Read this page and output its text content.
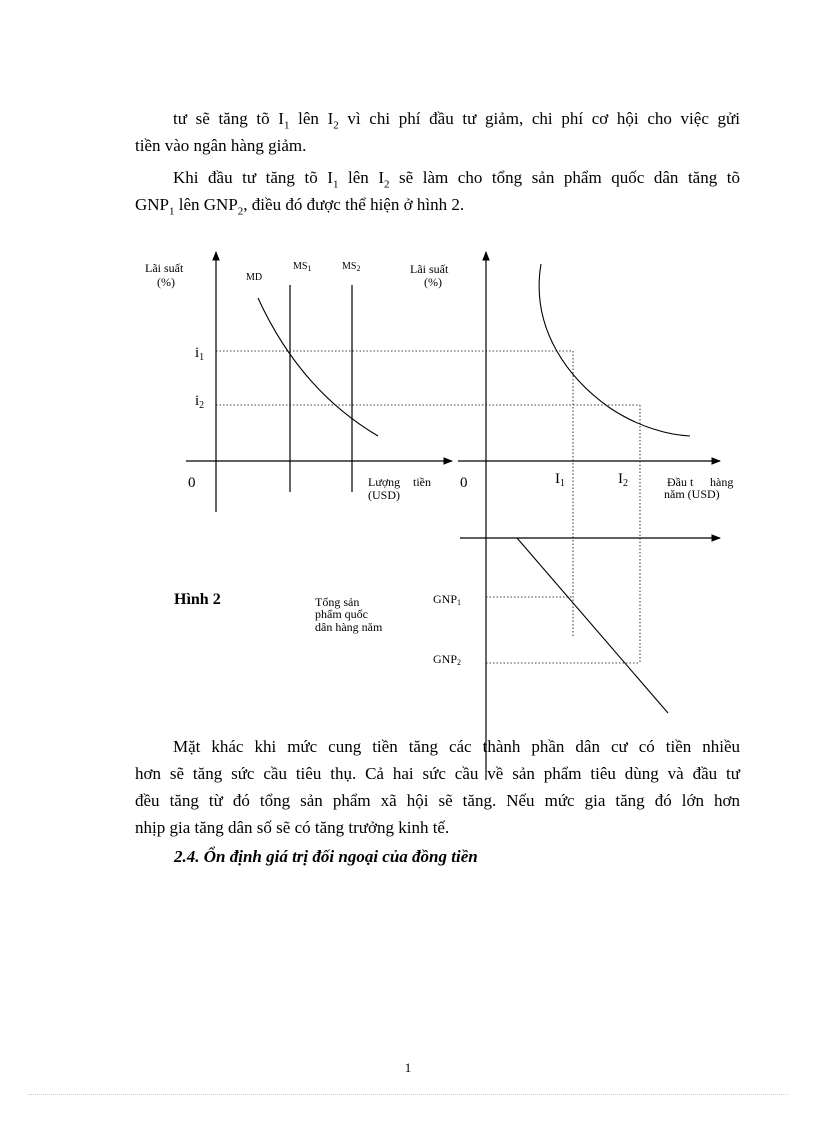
tư sẽ tăng tõ $I_1$ lên $I_2$ vì chi phí đầu tư giảm, chi phí cơ hội cho việc gửi
tiền vào ngân hàng giảm.
Khi đầu tư tăng tõ $I_1$ lên $I_2$ sẽ làm cho tổng sản phẩm quốc dân tăng tõ
$GNP_1$ lên $GNP_2$, điều đó được thể hiện ở hình 2.
Lãi suất
(%)	MD
$MS_1$	$MS_2$
$i_1$
$i_2$
0	Lượng tiền
(USD)
Lãi suất
(%)
0	$I_1$	$I_2$	Đầu t hàng
năm (USD)
GNP1
GNP2
Tổng sản
phẩm quốc
dân hàng năm
Hình 2
Mặt khác khi mức cung tiền tăng các thành phần dân cư có tiền nhiều
hơn sẽ tăng sức cầu tiêu thụ. Cả hai sức cầu về sản phẩm tiêu dùng và đầu tư
đều tăng từ đó tổng sản phẩm xã hội sẽ tăng. Nếu mức gia tăng đó lớn hơn
nhịp gia tăng dân số sẽ có tăng trưởng kinh tế.
2.4. Ổn định giá trị đối ngoại của đồng tiền
1
